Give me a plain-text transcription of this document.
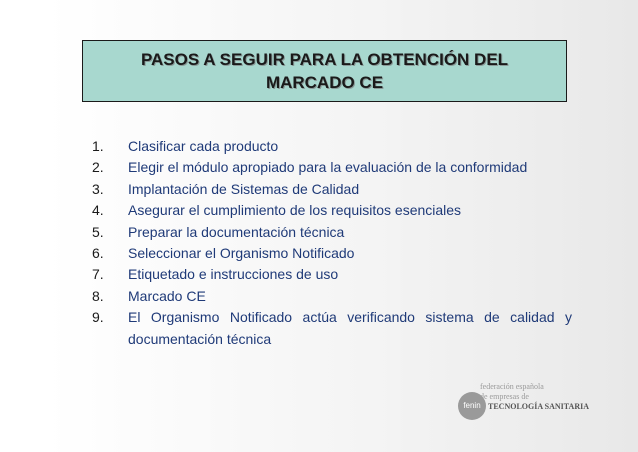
PASOS A SEGUIR PARA LA OBTENCIÓN DEL
MARCADO CE
1.	Clasificar cada producto
2.	Elegir el módulo apropiado para la evaluación de la conformidad
3.	Implantación de Sistemas de Calidad
4.	Asegurar el cumplimiento de los requisitos esenciales
5.	Preparar la documentación técnica
6.	Seleccionar el Organismo Notificado
7.	Etiquetado e instrucciones de uso
8.	Marcado CE
9.	El Organismo Notificado actúa verificando sistema de calidad y documentación técnica
fenin
federación española
de empresas de
TECNOLOGÍA SANITARIA
